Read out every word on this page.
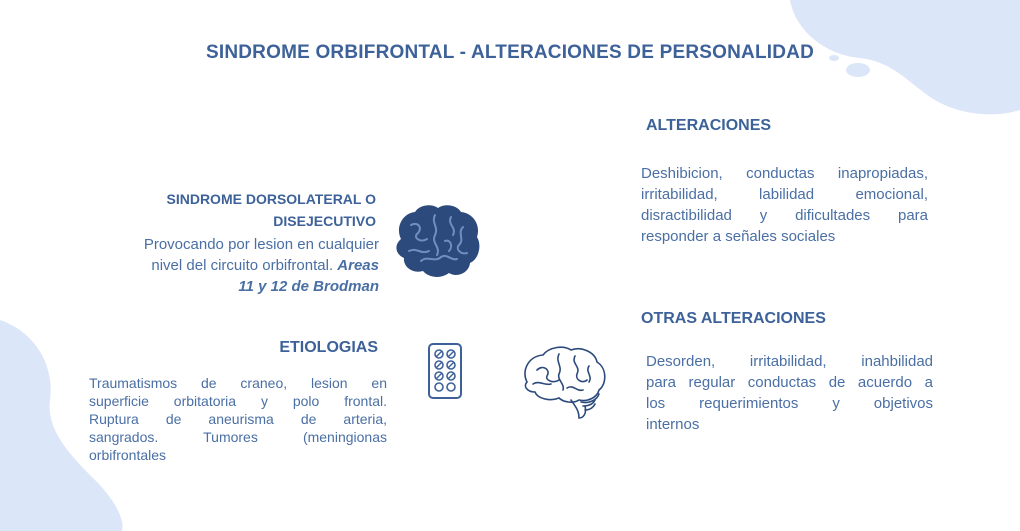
SINDROME ORBIFRONTAL - ALTERACIONES DE PERSONALIDAD
SINDROME DORSOLATERAL O
DISEJECUTIVO
Provocando por lesion en cualquier
nivel del circuito orbifrontal. Areas
11 y 12 de Brodman
ETIOLOGIAS
Traumatismos de craneo, lesion en
superficie orbitatoria y polo frontal.
Ruptura de aneurisma de arteria,
sangrados. Tumores (meningionas
orbifrontales
ALTERACIONES
Deshibicion, conductas inapropiadas,
irritabilidad, labilidad emocional,
disractibilidad y dificultades para
responder a señales sociales
OTRAS ALTERACIONES
Desorden, irritabilidad, inahbilidad
para regular conductas de acuerdo a
los requerimientos y objetivos
internos
